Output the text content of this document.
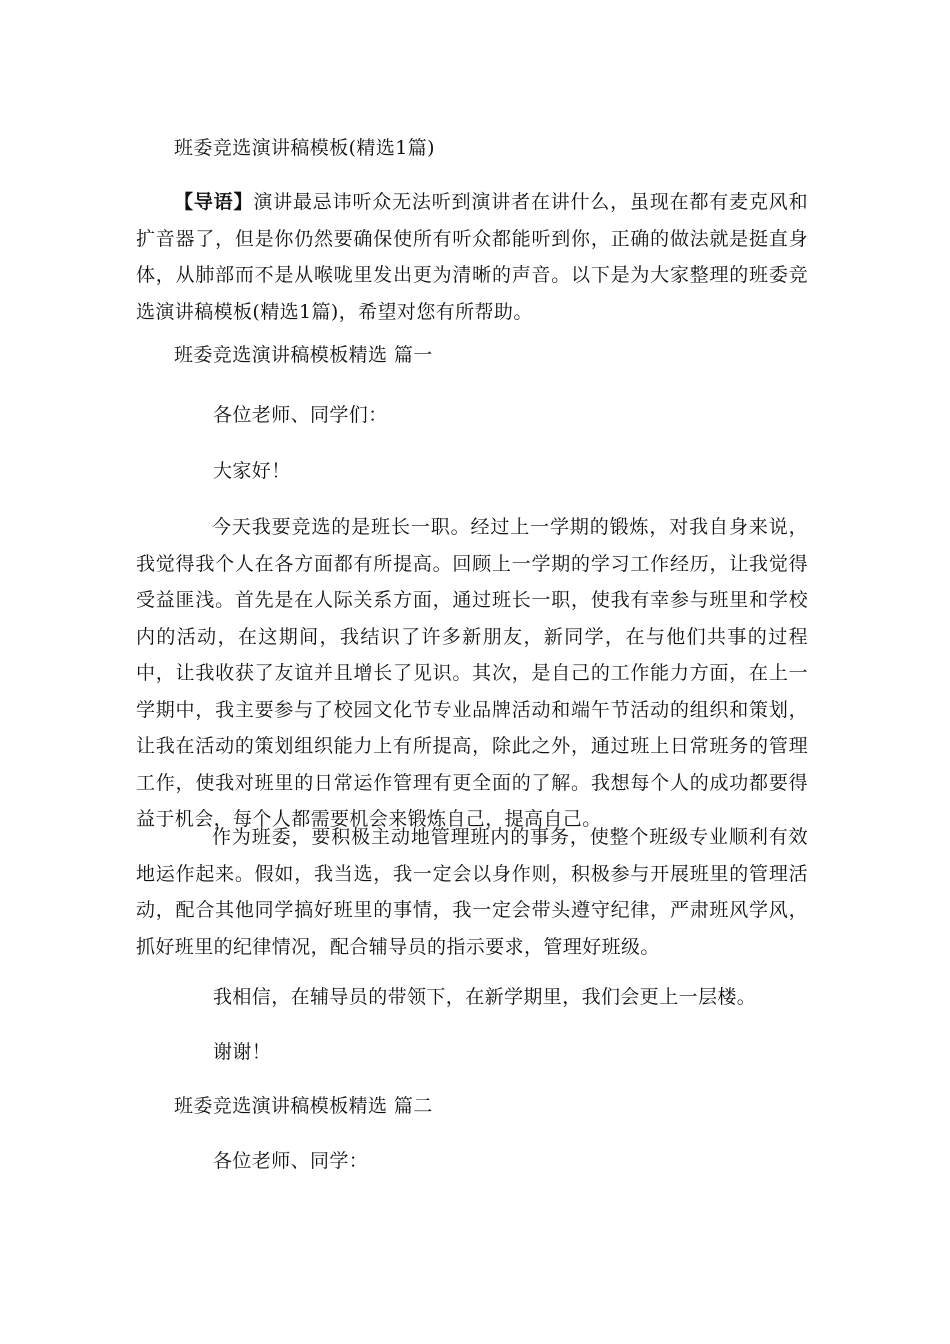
班委竞选演讲稿模板(精选1篇)
【导语】演讲最忌讳听众无法听到演讲者在讲什么，虽现在都有麦克风和扩音器了，但是你仍然要确保使所有听众都能听到你，正确的做法就是挺直身体，从肺部而不是从喉咙里发出更为清晰的声音。以下是为大家整理的班委竞选演讲稿模板(精选1篇)，希望对您有所帮助。
班委竞选演讲稿模板精选 篇一
各位老师、同学们：
大家好！
今天我要竞选的是班长一职。经过上一学期的锻炼，对我自身来说，我觉得我个人在各方面都有所提高。回顾上一学期的学习工作经历，让我觉得受益匪浅。首先是在人际关系方面，通过班长一职，使我有幸参与班里和学校内的活动，在这期间，我结识了许多新朋友，新同学，在与他们共事的过程中，让我收获了友谊并且增长了见识。其次，是自己的工作能力方面，在上一学期中，我主要参与了校园文化节专业品牌活动和端午节活动的组织和策划，让我在活动的策划组织能力上有所提高，除此之外，通过班上日常班务的管理工作，使我对班里的日常运作管理有更全面的了解。我想每个人的成功都要得益于机会，每个人都需要机会来锻炼自己，提高自己。
作为班委，要积极主动地管理班内的事务，使整个班级专业顺利有效地运作起来。假如，我当选，我一定会以身作则，积极参与开展班里的管理活动，配合其他同学搞好班里的事情，我一定会带头遵守纪律，严肃班风学风，抓好班里的纪律情况，配合辅导员的指示要求，管理好班级。
我相信，在辅导员的带领下，在新学期里，我们会更上一层楼。
谢谢！
班委竞选演讲稿模板精选 篇二
各位老师、同学：
